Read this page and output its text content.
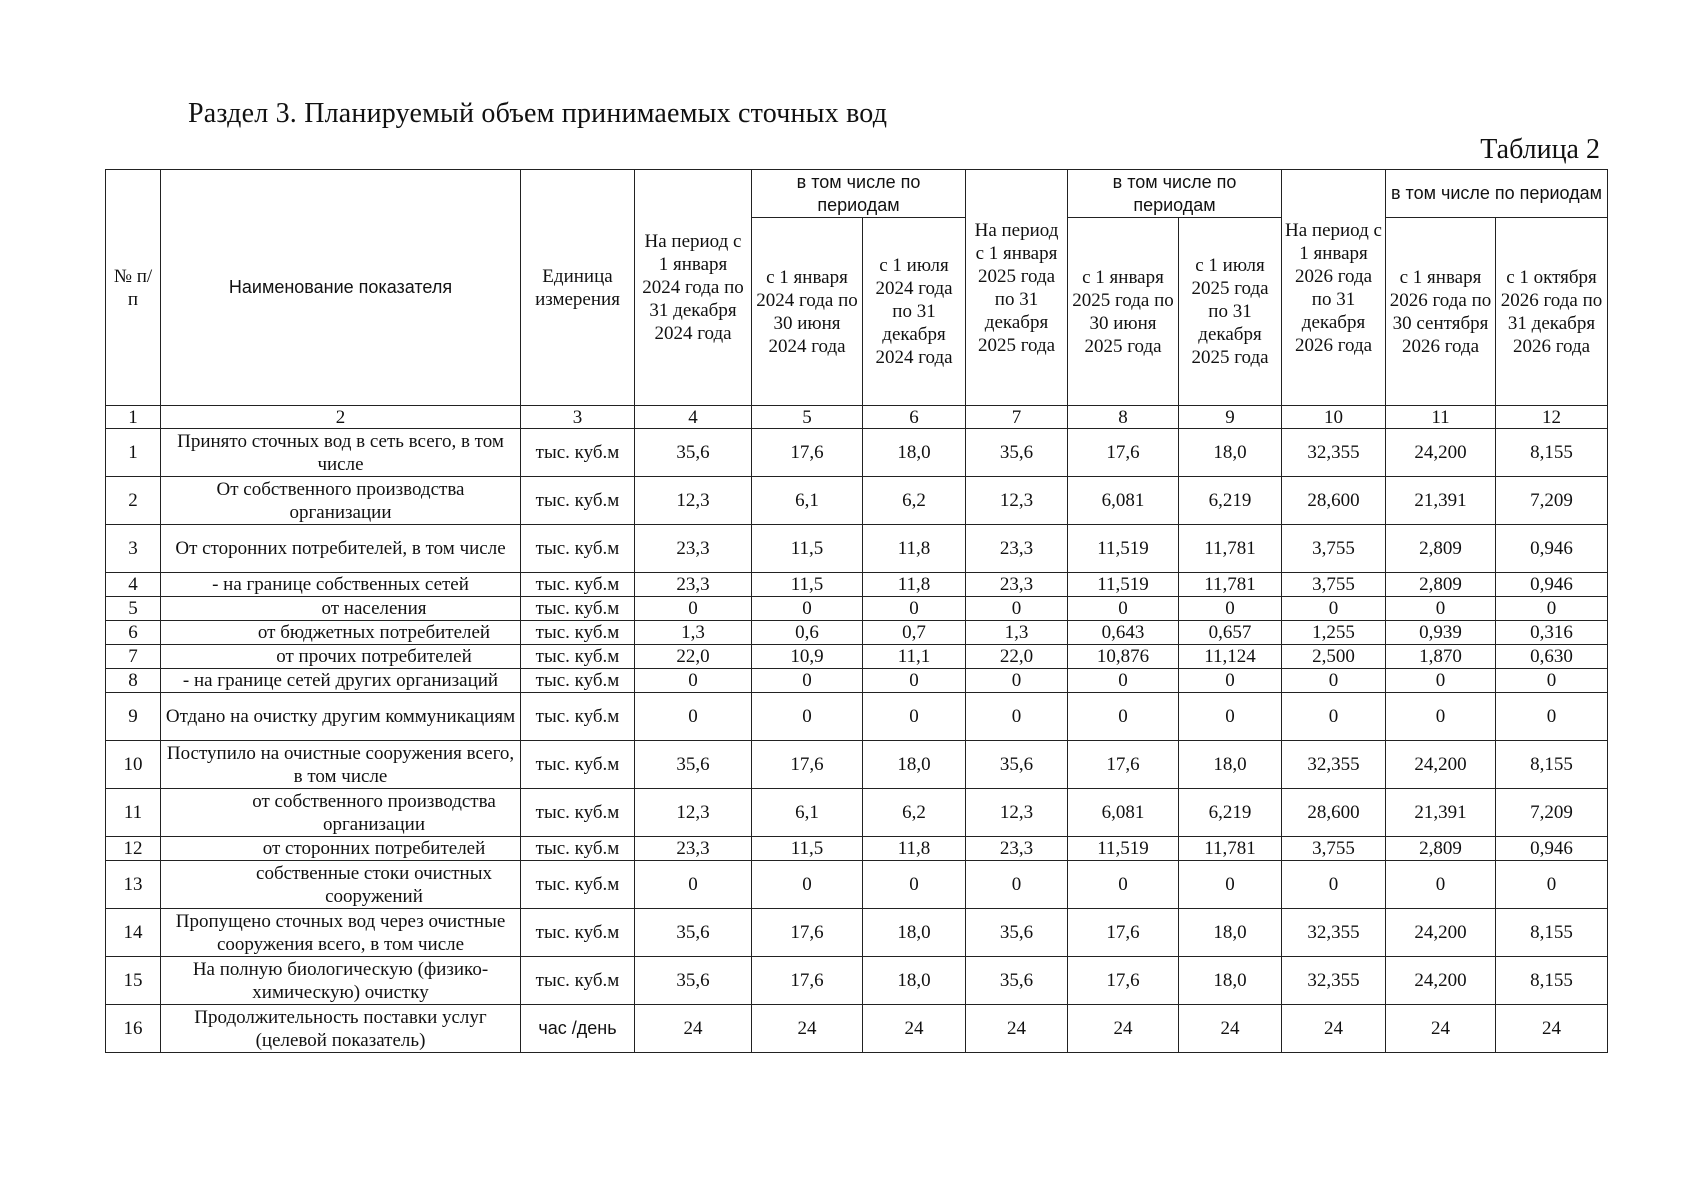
Раздел 3. Планируемый объем принимаемых сточных вод
Таблица 2
№ п/п	Наименование показателя	Единица измерения	На период с 1 января 2024 года по 31 декабря 2024 года	в том числе по периодам		На период с 1 января 2025 года по 31 декабря 2025 года	в том числе по периодам		На период с 1 января 2026 года по 31 декабря 2026 года	в том числе по периодам	
				с 1 января 2024 года по 30 июня 2024 года	с 1 июля 2024 года по 31 декабря 2024 года		с 1 января 2025 года по 30 июня 2025 года	с 1 июля 2025 года по 31 декабря 2025 года		с 1 января 2026 года по 30 сентября 2026 года	с 1 октября 2026 года по 31 декабря 2026 года
1	2	3	4	5	6	7	8	9	10	11	12
1	Принято сточных вод в сеть всего, в том числе	тыс. куб.м	35,6	17,6	18,0	35,6	17,6	18,0	32,355	24,200	8,155
2	От собственного производства организации	тыс. куб.м	12,3	6,1	6,2	12,3	6,081	6,219	28,600	21,391	7,209
3	От сторонних потребителей, в том числе	тыс. куб.м	23,3	11,5	11,8	23,3	11,519	11,781	3,755	2,809	0,946
4	- на границе собственных сетей	тыс. куб.м	23,3	11,5	11,8	23,3	11,519	11,781	3,755	2,809	0,946
5	от населения	тыс. куб.м	0	0	0	0	0	0	0	0	0
6	от бюджетных потребителей	тыс. куб.м	1,3	0,6	0,7	1,3	0,643	0,657	1,255	0,939	0,316
7	от прочих потребителей	тыс. куб.м	22,0	10,9	11,1	22,0	10,876	11,124	2,500	1,870	0,630
8	- на границе сетей других организаций	тыс. куб.м	0	0	0	0	0	0	0	0	0
9	Отдано на очистку другим коммуникациям	тыс. куб.м	0	0	0	0	0	0	0	0	0
10	Поступило на очистные сооружения всего, в том числе	тыс. куб.м	35,6	17,6	18,0	35,6	17,6	18,0	32,355	24,200	8,155
11	от собственного производства организации	тыс. куб.м	12,3	6,1	6,2	12,3	6,081	6,219	28,600	21,391	7,209
12	от сторонних потребителей	тыс. куб.м	23,3	11,5	11,8	23,3	11,519	11,781	3,755	2,809	0,946
13	собственные стоки очистных сооружений	тыс. куб.м	0	0	0	0	0	0	0	0	0
14	Пропущено сточных вод через очистные сооружения всего, в том числе	тыс. куб.м	35,6	17,6	18,0	35,6	17,6	18,0	32,355	24,200	8,155
15	На полную биологическую (физико-химическую) очистку	тыс. куб.м	35,6	17,6	18,0	35,6	17,6	18,0	32,355	24,200	8,155
16	Продолжительность поставки услуг (целевой показатель)	час /день	24	24	24	24	24	24	24	24	24
